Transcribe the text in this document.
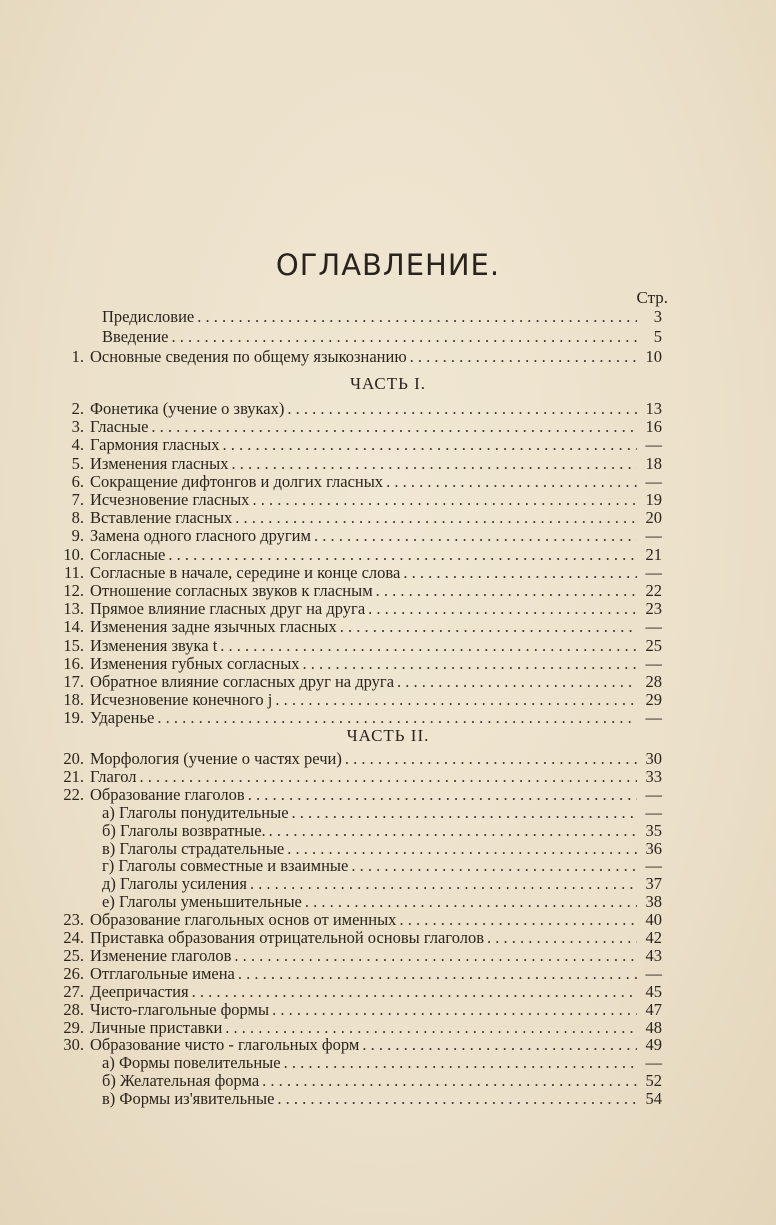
ОГЛАВЛЕНИЕ.
Стр.
Предисловие . . .	3
Введение . . .	5
1. Основные сведения по общему языкознанию . . .	10
ЧАСТЬ I.
2. Фонетика (учение о звуках) . . .	13
3. Гласные . . .	16
4. Гармония гласных . . .	—
5. Изменения гласных . . .	18
6. Сокращение дифтонгов и долгих гласных . . .	—
7. Исчезновение гласных . . .	19
8. Вставление гласных . . .	20
9. Замена одного гласного другим . . .	—
10. Согласные . . .	21
11. Согласные в начале, середине и конце слова . . .	—
12. Отношение согласных звуков к гласным . . .	22
13. Прямое влияние гласных друг на друга . . .	23
14. Изменения задне язычных гласных . . .	—
15. Изменения звука t . . .	25
16. Изменения губных согласных . . .	—
17. Обратное влияние согласных друг на друга . . .	28
18. Исчезновение конечного j . . .	29
19. Ударенье . . .	—
ЧАСТЬ II.
20. Морфология (учение о частях речи) . . .	30
21. Глагол . . .	33
22. Образование глаголов . . .	—
а) Глаголы понудительные . . .	—
б) Глаголы возвратные. . . .	35
в) Глаголы страдательные . . .	36
г) Глаголы совместные и взаимные . . .	—
д) Глаголы усиления . . .	37
е) Глаголы уменьшительные . . .	38
23. Образование глагольных основ от именных . . .	40
24. Приставка образования отрицательной основы глаголов . . .	42
25. Изменение глаголов . . .	43
26. Отглагольные имена . . .	—
27. Деепричастия . . .	45
28. Чисто-глагольные формы . . .	47
29. Личные приставки . . .	48
30. Образование чисто - глагольных форм . . .	49
а) Формы повелительные . . .	—
б) Желательная форма . . .	52
в) Формы из'явительные . . .	54
